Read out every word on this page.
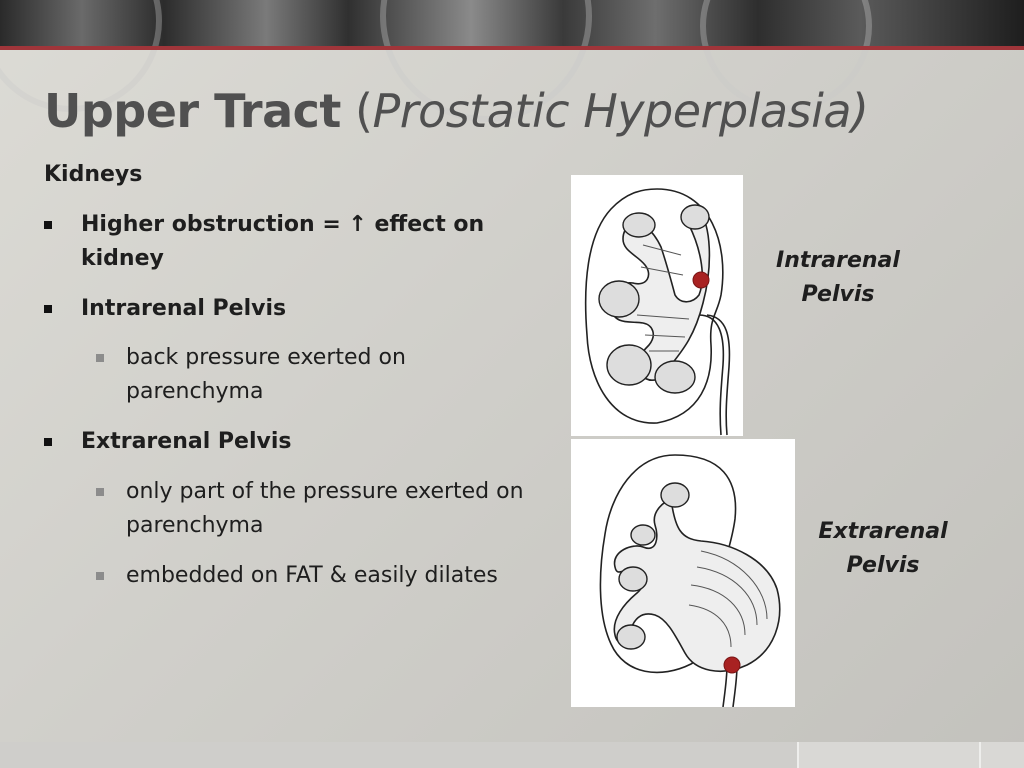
Upper Tract (Prostatic Hyperplasia)
Kidneys
Higher obstruction = ↑ effect on kidney
Intrarenal Pelvis
back pressure exerted on parenchyma
Extrarenal Pelvis
only part of the pressure exerted on parenchyma
embedded on FAT & easily dilates
Intrarenal
Pelvis
Extrarenal
Pelvis
